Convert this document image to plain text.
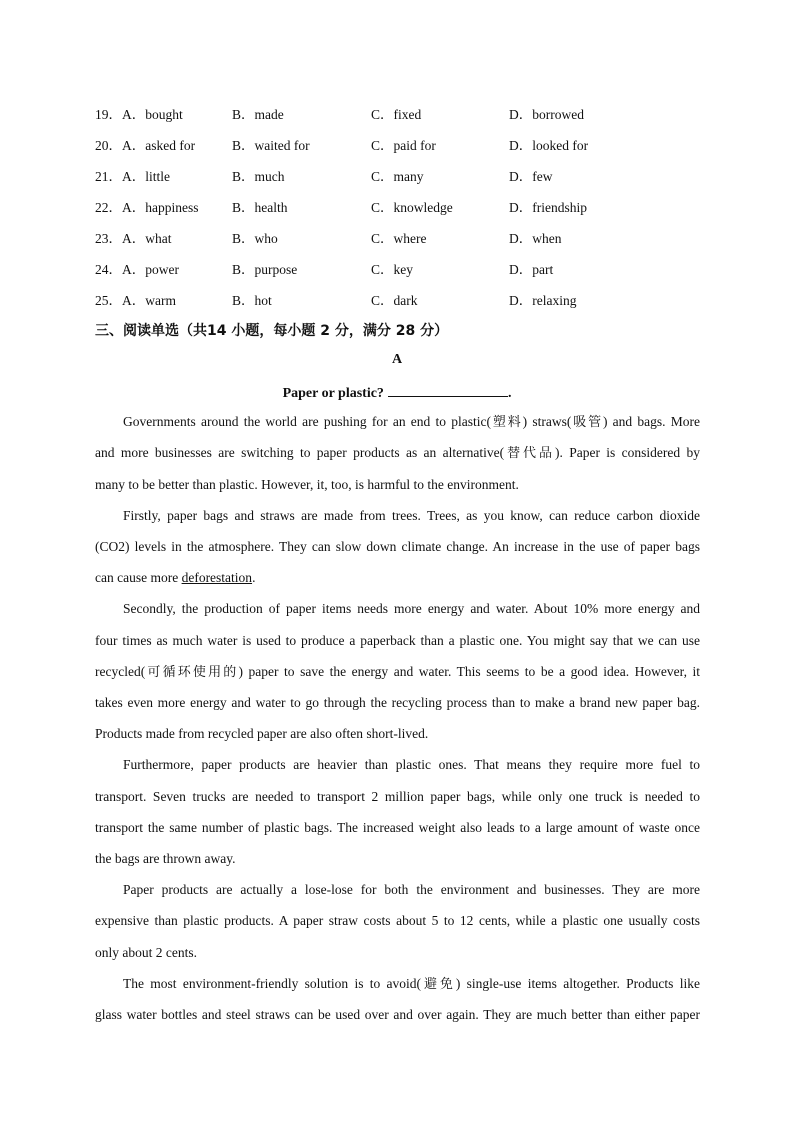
19．A．bought	B．made	C．fixed	D．borrowed
20．A．asked for	B．waited for	C．paid for	D．looked for
21．A．little	B．much	C．many	D．few
22．A．happiness B．health	C．knowledge	D．friendship
23．A．what	B．who	C．where	D．when
24．A．power	B．purpose	C．key	D．part
25．A．warm	B．hot	C．dark	D．relaxing
三、阅读单选（共14 小题，每小题 2 分，满分 28 分）
A
Paper or plastic?	.
Governments around the world are pushing for an end to plastic(塑料) straws(吸管) and bags. More
and more businesses are switching to paper products as an alternative(替代品). Paper is considered by
many to be better than plastic. However, it, too, is harmful to the environment.
Firstly, paper bags and straws are made from trees. Trees, as you know, can reduce carbon dioxide
(CO2) levels in the atmosphere. They can slow down climate change. An increase in the use of paper bags
can cause more deforestation.
Secondly, the production of paper items needs more energy and water. About 10% more energy and
four times as much water is used to produce a paperback than a plastic one. You might say that we can use
recycled(可循环使用的) paper to save the energy and water. This seems to be a good idea. However, it
takes even more energy and water to go through the recycling process than to make a brand new paper bag.
Products made from recycled paper are also often short-lived.
Furthermore, paper products are heavier than plastic ones. That means they require more fuel to
transport. Seven trucks are needed to transport 2 million paper bags, while only one truck is needed to
transport the same number of plastic bags. The increased weight also leads to a large amount of waste once
the bags are thrown away.
Paper products are actually a lose-lose for both the environment and businesses. They are more
expensive than plastic products. A paper straw costs about 5 to 12 cents, while a plastic one usually costs
only about 2 cents.
The most environment-friendly solution is to avoid(避免) single-use items altogether. Products like
glass water bottles and steel straws can be used over and over again. They are much better than either paper
